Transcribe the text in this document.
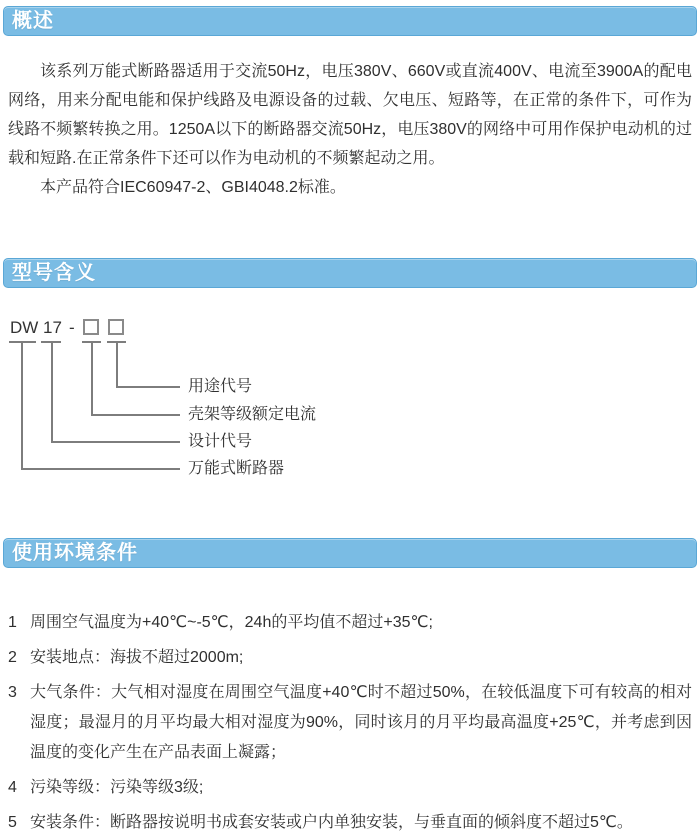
概述

该系列万能式断路器适用于交流50Hz，电压380V、660V或直流400V、电流至3900A的配电网络，用来分配电能和保护线路及电源设备的过载、欠电压、短路等，在正常的条件下，可作为线路不频繁转换之用。1250A以下的断路器交流50Hz，电压380V的网络中可用作保护电动机的过载和短路.在正常条件下还可以作为电动机的不频繁起动之用。

本产品符合IEC60947-2、GBI4048.2标准。

型号含义
DW 17 -
用途代号
壳架等级额定电流
设计代号
万能式断路器
使用环境条件
1 周围空气温度为+40℃~-5℃，24h的平均值不超过+35℃;
2 安装地点：海拔不超过2000m;
3 大气条件：大气相对湿度在周围空气温度+40℃时不超过50%，在较低温度下可有较高的相对湿度；最湿月的月平均最大相对湿度为90%，同时该月的月平均最高温度+25℃，并考虑到因温度的变化产生在产品表面上凝露；
4 污染等级：污染等级3级;
5 安装条件：断路器按说明书成套安装或户内单独安装，与垂直面的倾斜度不超过5℃。
